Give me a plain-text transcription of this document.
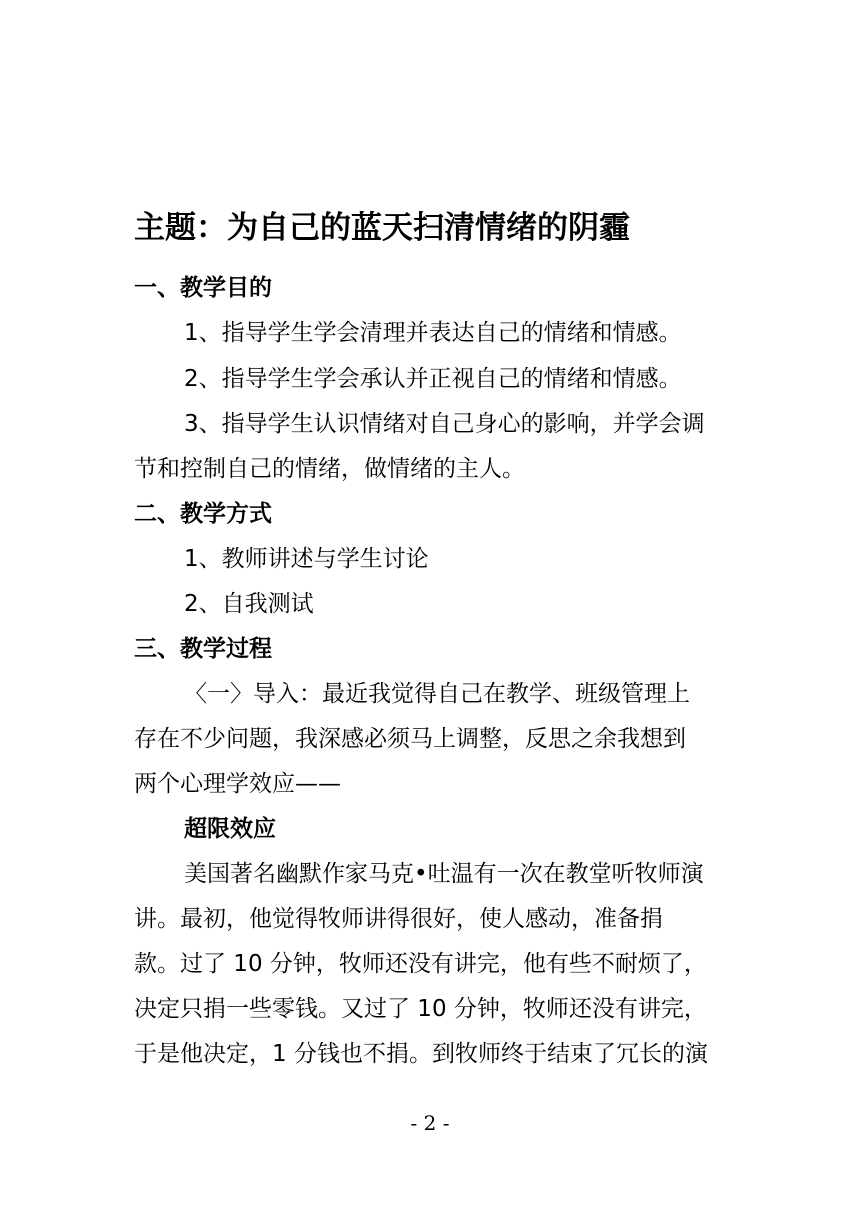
主题：为自己的蓝天扫清情绪的阴霾
一、教学目的
1、指导学生学会清理并表达自己的情绪和情感。
2、指导学生学会承认并正视自己的情绪和情感。
3、指导学生认识情绪对自己身心的影响，并学会调
节和控制自己的情绪，做情绪的主人。
二、教学方式
1、教师讲述与学生讨论
2、自我测试
三、教学过程
〈一〉导入：最近我觉得自己在教学、班级管理上
存在不少问题，我深感必须马上调整，反思之余我想到
两个心理学效应——
超限效应
美国著名幽默作家马克•吐温有一次在教堂听牧师演
讲。最初，他觉得牧师讲得很好，使人感动，准备捐
款。过了 10 分钟，牧师还没有讲完，他有些不耐烦了，
决定只捐一些零钱。又过了 10 分钟，牧师还没有讲完，
于是他决定，1 分钱也不捐。到牧师终于结束了冗长的演
- 2 -
